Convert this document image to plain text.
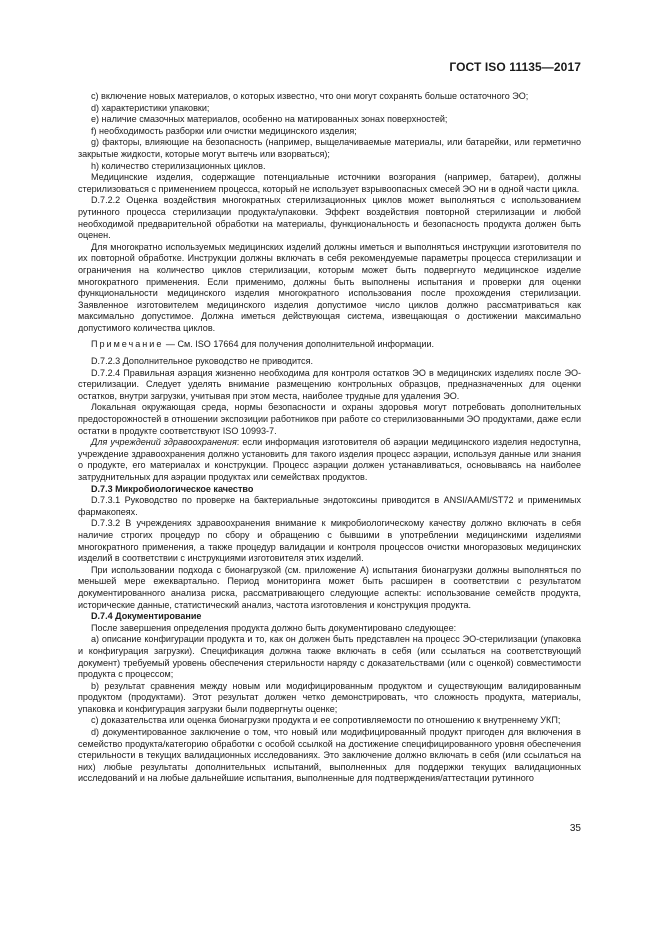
ГОСТ ISO 11135—2017

c) включение новых материалов, о которых известно, что они могут сохранять больше остаточного ЭО;

d) характеристики упаковки;

e) наличие смазочных материалов, особенно на матированных зонах поверхностей;

f) необходимость разборки или очистки медицинского изделия;

g) факторы, влияющие на безопасность (например, выщелачиваемые материалы, или батарейки, или герметично закрытые жидкости, которые могут вытечь или взорваться);

h) количество стерилизационных циклов.

Медицинские изделия, содержащие потенциальные источники возгорания (например, батареи), должны стерилизоваться с применением процесса, который не использует взрывоопасных смесей ЭО ни в одной части цикла.

D.7.2.2 Оценка воздействия многократных стерилизационных циклов может выполняться с использованием рутинного процесса стерилизации продукта/упаковки. Эффект воздействия повторной стерилизации и любой необходимой предварительной обработки на материалы, функциональность и безопасность продукта должен быть оценен.

Для многократно используемых медицинских изделий должны иметься и выполняться инструкции изготовителя по их повторной обработке. Инструкции должны включать в себя рекомендуемые параметры процесса стерилизации и ограничения на количество циклов стерилизации, которым может быть подвергнуто медицинское изделие многократного применения. Если применимо, должны быть выполнены испытания и проверки для оценки функциональности медицинского изделия многократного использования после прохождения стерилизации. Заявленное изготовителем медицинского изделия допустимое число циклов должно рассматриваться как максимально допустимое. Должна иметься действующая система, извещающая о достижении максимально допустимого количества циклов.

Примечание — См. ISO 17664 для получения дополнительной информации.

D.7.2.3 Дополнительное руководство не приводится.

D.7.2.4 Правильная аэрация жизненно необходима для контроля остатков ЭО в медицинских изделиях после ЭО-стерилизации. Следует уделять внимание размещению контрольных образцов, предназначенных для оценки остатков, внутри загрузки, учитывая при этом места, наиболее трудные для удаления ЭО.

Локальная окружающая среда, нормы безопасности и охраны здоровья могут потребовать дополнительных предосторожностей в отношении экспозиции работников при работе со стерилизованными ЭО продуктами, даже если остатки в продукте соответствуют ISO 10993-7.

Для учреждений здравоохранения: если информация изготовителя об аэрации медицинского изделия недоступна, учреждение здравоохранения должно установить для такого изделия процесс аэрации, используя данные или знания о продукте, его материалах и конструкции. Процесс аэрации должен устанавливаться, основываясь на наиболее затруднительных для аэрации продуктах или семействах продуктов.

D.7.3 Микробиологическое качество

D.7.3.1 Руководство по проверке на бактериальные эндотоксины приводится в ANSI/AAMI/ST72 и применимых фармакопеях.

D.7.3.2 В учреждениях здравоохранения внимание к микробиологическому качеству должно включать в себя наличие строгих процедур по сбору и обращению с бывшими в употреблении медицинскими изделиями многократного применения, а также процедур валидации и контроля процессов очистки многоразовых медицинских изделий в соответствии с инструкциями изготовителя этих изделий.

При использовании подхода с бионагрузкой (см. приложение А) испытания бионагрузки должны выполняться по меньшей мере ежеквартально. Период мониторинга может быть расширен в соответствии с результатом документированного анализа риска, рассматривающего следующие аспекты: использование семейств продукта, исторические данные, статистический анализ, частота изготовления и конструкция продукта.

D.7.4 Документирование

После завершения определения продукта должно быть документировано следующее:

a) описание конфигурации продукта и то, как он должен быть представлен на процесс ЭО-стерилизации (упаковка и конфигурация загрузки). Спецификация должна также включать в себя (или ссылаться на соответствующий документ) требуемый уровень обеспечения стерильности наряду с доказательствами (или с оценкой) совместимости продукта с процессом;

b) результат сравнения между новым или модифицированным продуктом и существующим валидированным продуктом (продуктами). Этот результат должен четко демонстрировать, что сложность продукта, материалы, упаковка и конфигурация загрузки были подвергнуты оценке;

c) доказательства или оценка бионагрузки продукта и ее сопротивляемости по отношению к внутреннему УКП;

d) документированное заключение о том, что новый или модифицированный продукт пригоден для включения в семейство продукта/категорию обработки с особой ссылкой на достижение специфицированного уровня обеспечения стерильности в текущих валидационных исследованиях. Это заключение должно включать в себя (или ссылаться на них) любые результаты дополнительных испытаний, выполненных для поддержки текущих валидационных исследований и на любые дальнейшие испытания, выполненные для подтверждения/аттестации рутинного

35
